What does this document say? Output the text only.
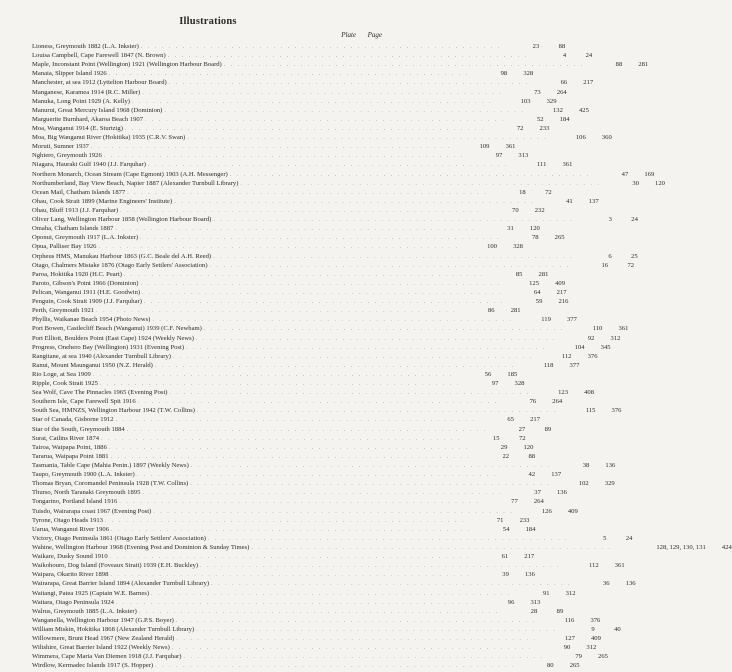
Illustrations
Plate Page
Lioness, Greymouth 1882 (L.A. Inkster) . . .	23	88
Louisa Campbell, Cape Farewell 1847 (N. Brown) . . .	4	24
Maple, Inconstant Point (Wellington) 1921 (Wellington Harbour Board) . . .	88	281
Manaia, Slipper Island 1926 . . .	98	328
Manchester, at sea 1912 (Lyttelton Harbour Board) . . .	66	217
Manganese, Karamea 1914 (R.C. Miller) . . .	73	264
Manuka, Long Point 1929 (A. Kelly) . . .	103	329
Manurui, Great Mercury Island 1968 (Dominion) . . .	132	425
Marguerite Burnhard, Akaroa Beach 1907 . . .	52	184
Moa, Wanganui 1914 (E. Sturtzig) . . .	72	233
Moa, Big Wanganui River (Hokitika) 1935 (C.R.V. Swan) . . .	106	360
Moruti, Sumner 1937 . . .	109	361
Nghiero, Greymouth 1926 . . .	97	313
Niagara, Hauraki Gulf 1940 (J.J. Farquhar) . . .	111	361
Northern Monarch, Ocean Stream (Cape Egmont) 1903 (A.H. Messenger) . . .	47	169
Northumberland, Bay View Beach, Napier 1887 (Alexander Turnbull Library) . . .	30	120
Ocean Mail, Chatham Islands 1877 . . .	18	72
Ohau, Cook Strait 1899 (Marine Engineers' Institute) . . .	41	137
Ohau, Bluff 1913 (J.J. Farquhar) . . .	70	232
Oliver Lang, Wellington Harbour 1858 (Wellington Harbour Board) . . .	3	24
Omaha, Chatham Islands 1887 . . .	31	120
Oponui, Greymouth 1917 (L.A. Inkster) . . .	78	265
Opua, Palliser Bay 1926 . . .	100	328
Orpheus HMS, Manukau Harbour 1863 (G.C. Beale del A.H. Reed) . . .	6	25
Otago, Chalmers Mistake 1876 (Otago Early Settlers' Association) . . .	16	72
Paroa, Hokitika 1920 (H.C. Peart) . . .	85	281
Paroto, Gibson's Point 1966 (Dominion) . . .	125	409
Pelican, Wanganui 1911 (H.E. Goodwin) . . .	64	217
Penguin, Cook Strait 1909 (J.J. Farquhar) . . .	59	216
Perth, Greymouth 1921 . . .	86	281
Phyllis, Waikanae Beach 1954 (Photo News) . . .	119	377
Port Bowen, Castlecliff Beach (Wanganui) 1939 (C.F. Newham) . . .	110	361
Port Elliott, Boulders Point (East Cape) 1924 (Weekly News) . . .	92	312
Progress, Onehero Bay (Wellington) 1931 (Evening Post) . . .	104	345
Rangitane, at sea 1940 (Alexander Turnbull Library) . . .	112	376
Ranui, Mount Maunganui 1950 (N.Z. Herald) . . .	118	377
Rio Loge, at Sea 1909 . . .	56	185
Ripple, Cook Strait 1925 . . .	97	328
Sea Wolf, Cave The Pinnacles 1965 (Evening Post) . . .	123	408
Southern Isle, Cape Farewell Spit 1916 . . .	76	264
South Sea, HMNZS, Wellington Harbour 1942 (T.W. Collins) . . .	115	376
Star of Canada, Gisborne 1912 . . .	65	217
Star of the South, Greymouth 1884 . . .	27	89
Surat, Catlins River 1874 . . .	15	72
Tairoa, Waipapa Point, 1886 . . .	29	120
Tararua, Waipapa Point 1881 . . .	22	88
Tasmania, Table Cape (Mahia Penin.) 1897 (Weekly News) . . .	38	136
Taupo, Greymouth 1900 (L.A. Inkster) . . .	42	137
Thomas Bryan, Coromandel Peninsula 1928 (T.W. Collins) . . .	102	329
Thurso, North Taranaki Greymouth 1895 . . .	37	136
Tongarino, Portland Island 1916 . . .	77	264
Tuisdo, Wairarapa coast 1967 (Evening Post) . . .	126	409
Tyrone, Otago Heads 1913 . . .	71	233
Uarua, Wanganui River 1906 . . .	54	184
Victory, Otago Peninsula 1861 (Otago Early Settlers' Association) . . .	5	24
Wahine, Wellington Harbour 1968 (Evening Post and Dominion & Sunday Times) . . .	128, 129, 130, 131	424
Waikare, Dusky Sound 1910 . . .	61	217
Waikohouro, Dog Island (Foveaux Strait) 1939 (E.H. Buckley) . . .	112	361
Waipara, Okarito River 1898 . . .	39	136
Wairarapa, Great Barrier Island 1894 (Alexander Turnbull Library) . . .	36	136
Waitangi, Patea 1925 (Captain W.E. Barnes) . . .	91	312
Waitara, Otago Peninsula 1924 . . .	96	313
Walrus, Greymouth 1885 (L.A. Inkster) . . .	28	89
Wanganella, Wellington Harbour 1947 (G.P.S. Boyer) . . .	116	376
William Miskin, Hokitika 1868 (Alexander Turnbull Library) . . .	9	40
Willowmere, Brunt Head 1967 (New Zealand Herald) . . .	127	409
Wiltshire, Great Barrier Island 1922 (Weekly News) . . .	90	312
Wimmera, Cape Maria Van Diemen 1918 (J.J. Farquhar) . . .	79	265
Wirdlow, Kermadec Islands 1917 (S. Hopper) . . .	80	265
